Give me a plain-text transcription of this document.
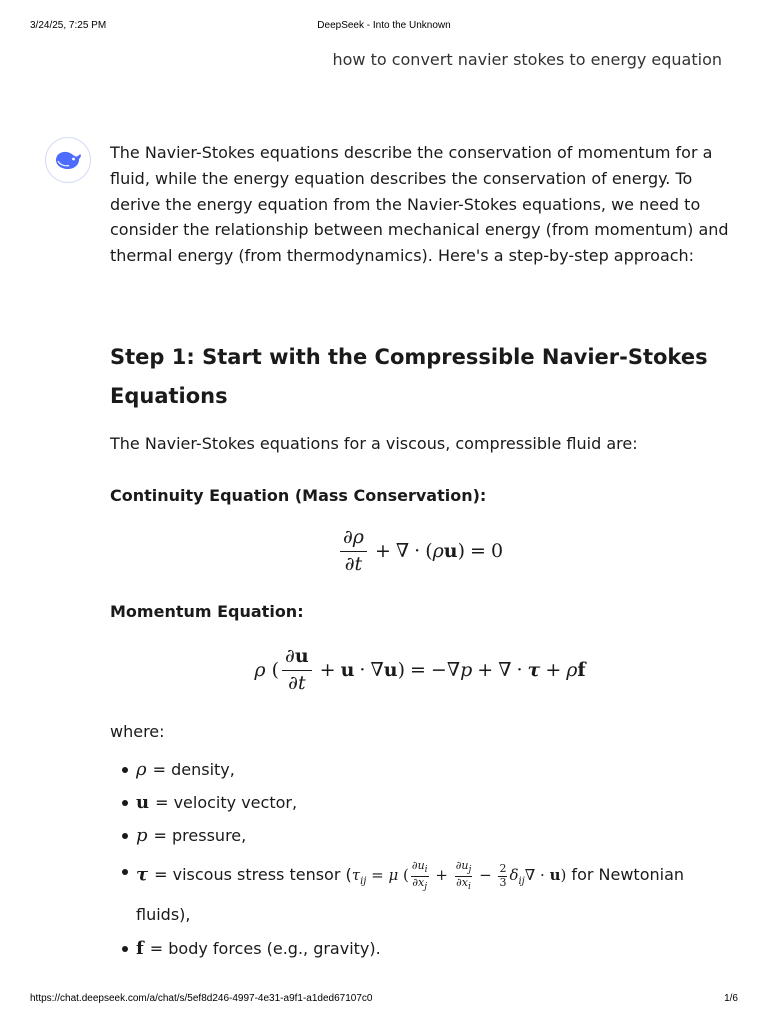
3/24/25, 7:25 PM	DeepSeek - Into the Unknown
how to convert navier stokes to energy equation

The Navier-Stokes equations describe the conservation of momentum for a fluid, while the energy equation describes the conservation of energy. To derive the energy equation from the Navier-Stokes equations, we need to consider the relationship between mechanical energy (from momentum) and thermal energy (from thermodynamics). Here's a step-by-step approach:

Step 1: Start with the Compressible Navier-Stokes Equations

The Navier-Stokes equations for a viscous, compressible fluid are:

Continuity Equation (Mass Conservation):

$\frac{\partial\rho}{\partial t}$ + ∇ · ( ρ u ) = 0

Momentum Equation:

ρ ( $\frac{\partial u}{\partial t} + u$ · ∇ u ) = −∇ p + ∇ · τ + ρ f

where:

ρ = density,
u = velocity vector,
p = pressure,
τ = viscous stress tensor ($\tau_{ij} = \mu$ ( $\frac{\partial u_i}{\partial x_j} + \frac{\partial u_j}{\partial x_i} - \frac{2}{3} \delta_{ij}\nabla \cdot u$) for Newtonian fluids),
f = body forces (e.g., gravity).
https://chat.deepseek.com/a/chat/s/5ef8d246-4997-4e31-a9f1-a1ded67107c0	1/6
